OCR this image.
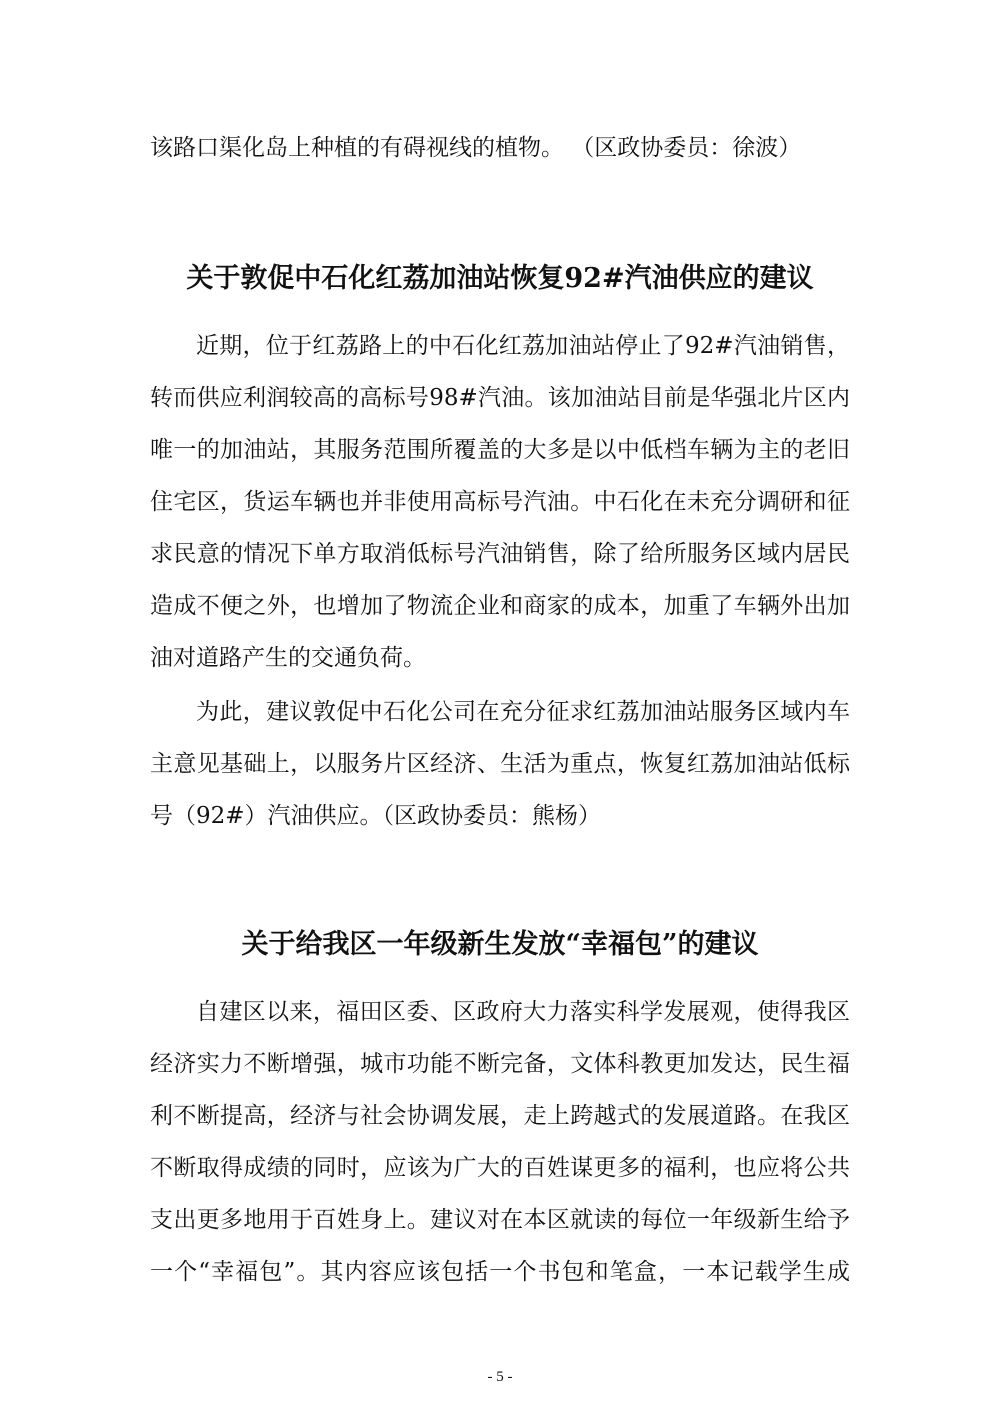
该路口渠化岛上种植的有碍视线的植物。 （区政协委员：徐波）
关于敦促中石化红荔加油站恢复92#汽油供应的建议
近期，位于红荔路上的中石化红荔加油站停止了92#汽油销售，
转而供应利润较高的高标号98#汽油。该加油站目前是华强北片区内
唯一的加油站，其服务范围所覆盖的大多是以中低档车辆为主的老旧
住宅区，货运车辆也并非使用高标号汽油。中石化在未充分调研和征
求民意的情况下单方取消低标号汽油销售，除了给所服务区域内居民
造成不便之外，也增加了物流企业和商家的成本，加重了车辆外出加
油对道路产生的交通负荷。
为此，建议敦促中石化公司在充分征求红荔加油站服务区域内车
主意见基础上，以服务片区经济、生活为重点，恢复红荔加油站低标
号（92#）汽油供应。（区政协委员：熊杨）
关于给我区一年级新生发放“幸福包”的建议
自建区以来，福田区委、区政府大力落实科学发展观，使得我区
经济实力不断增强，城市功能不断完备，文体科教更加发达，民生福
利不断提高，经济与社会协调发展，走上跨越式的发展道路。在我区
不断取得成绩的同时，应该为广大的百姓谋更多的福利，也应将公共
支出更多地用于百姓身上。建议对在本区就读的每位一年级新生给予
一个“幸福包”。其内容应该包括一个书包和笔盒，一本记载学生成
- 5 -
